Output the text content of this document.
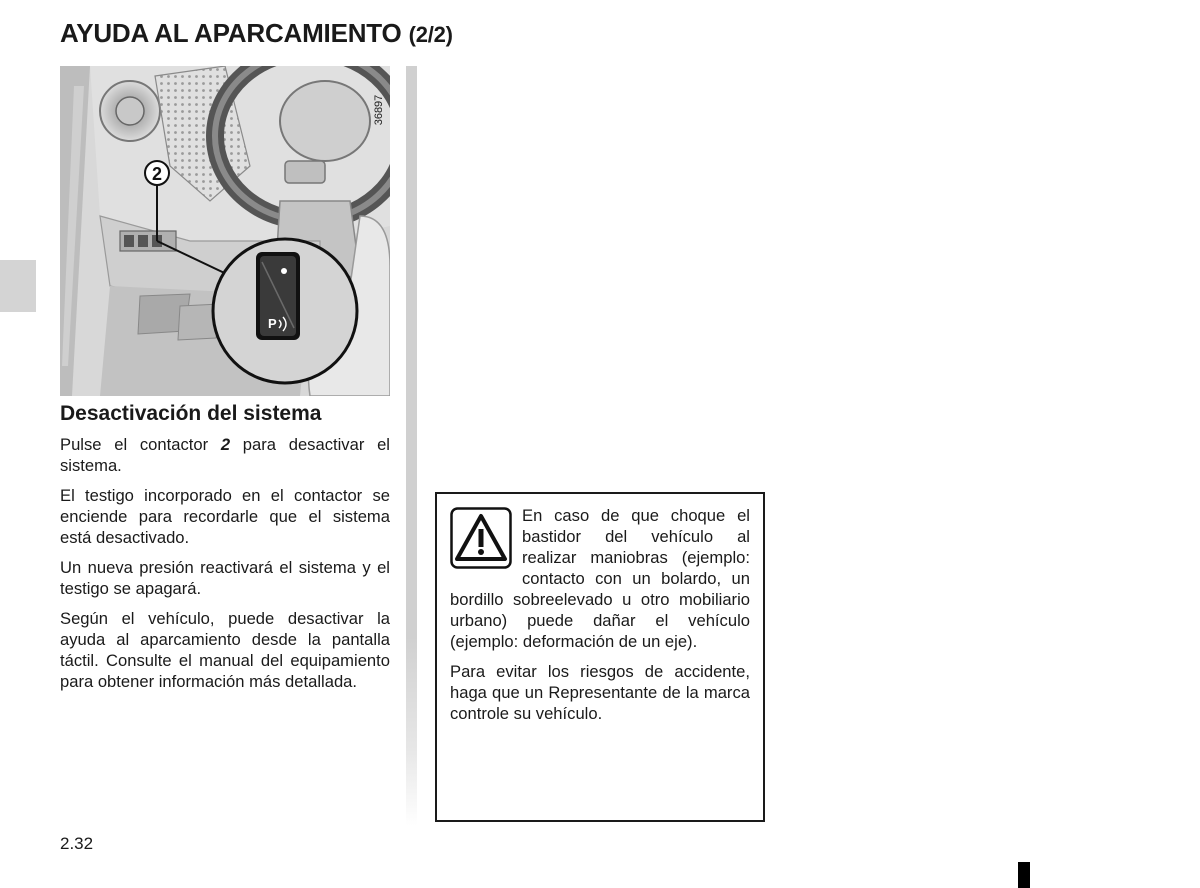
AYUDA AL APARCAMIENTO (2/2)
2
P
36897
Desactivación del sistema

Pulse el contactor 2 para desactivar el sistema.

El testigo incorporado en el contactor se enciende para recordarle que el sistema está desactivado.

Un nueva presión reactivará el sistema y el testigo se apagará.

Según el vehículo, puede desactivar la ayuda al aparcamiento desde la pantalla táctil. Consulte el manual del equipamiento para obtener información más detallada.

En caso de que choque el bastidor del vehículo al realizar maniobras (ejemplo: contacto con un bolardo, un bordillo sobreelevado u otro mobiliario urbano) puede dañar el vehículo (ejemplo: deformación de un eje).

Para evitar los riesgos de accidente, haga que un Representante de la marca controle su vehículo.

2.32
